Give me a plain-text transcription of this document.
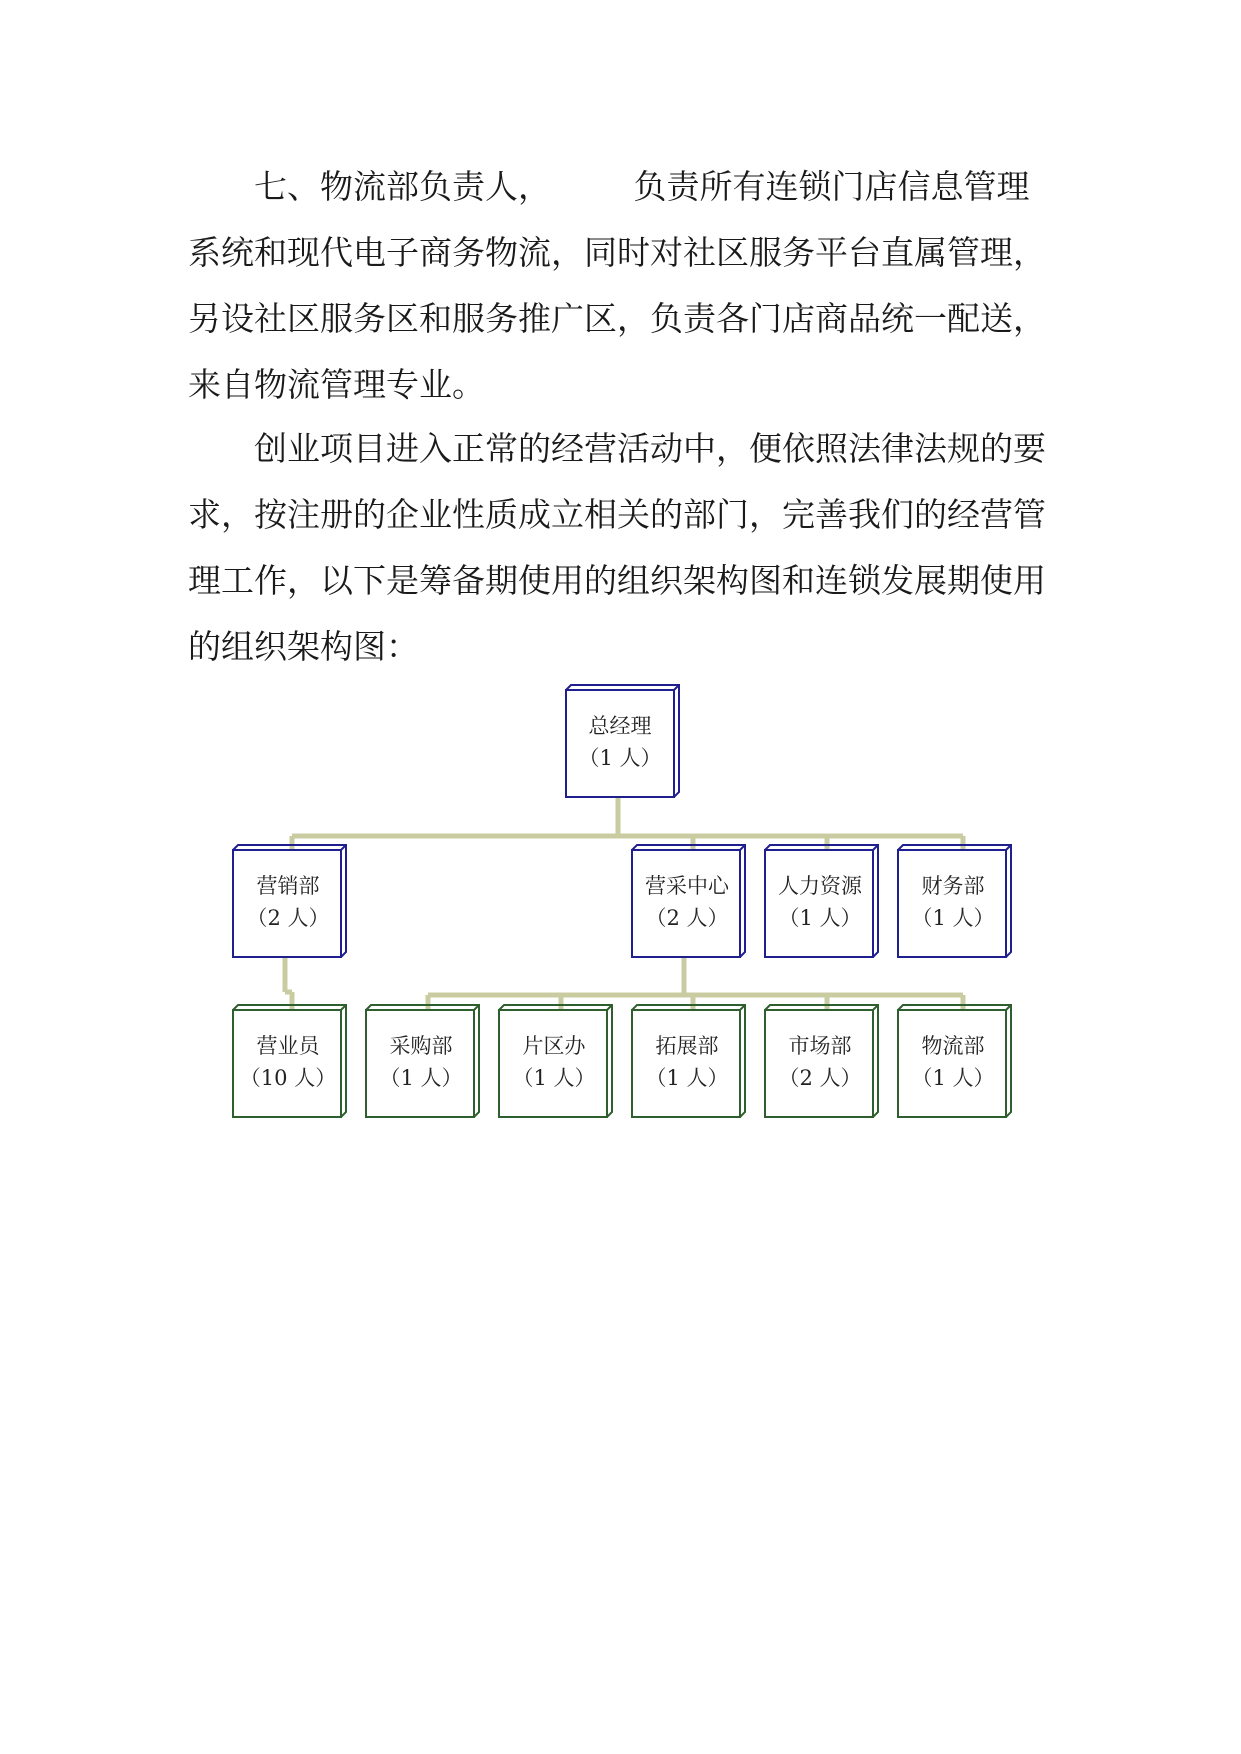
七、物流部负责人，　　　负责所有连锁门店信息管理
系统和现代电子商务物流，同时对社区服务平台直属管理，
另设社区服务区和服务推广区，负责各门店商品统一配送，
来自物流管理专业。
创业项目进入正常的经营活动中，便依照法律法规的要
求，按注册的企业性质成立相关的部门，完善我们的经营管
理工作，以下是筹备期使用的组织架构图和连锁发展期使用
的组织架构图：
总经理
（1 人）
营销部
（2 人）
营采中心
（2 人）
人力资源
（1 人）
财务部
（1 人）
营业员
（10 人）
采购部
（1 人）
片区办
（1 人）
拓展部
（1 人）
市场部
（2 人）
物流部
（1 人）
